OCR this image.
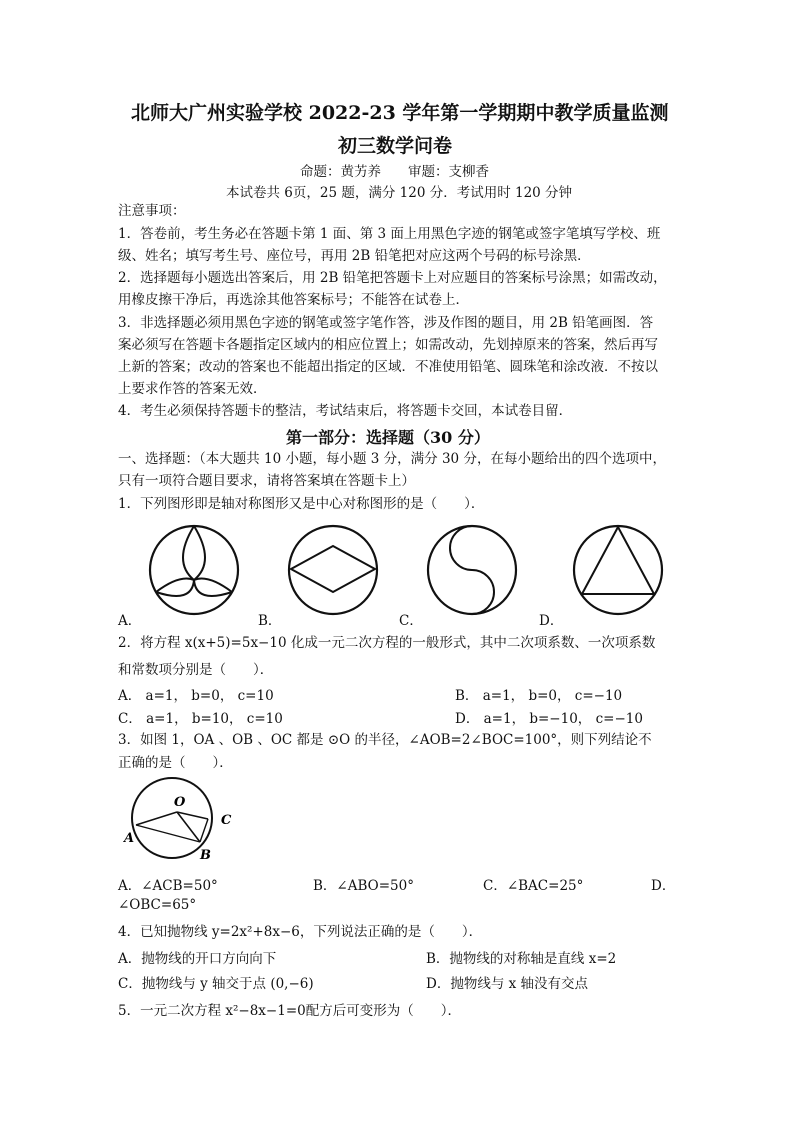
北师大广州实验学校 2022-23 学年第一学期期中教学质量监测
初三数学问卷
命题：黄艻养　　审题：支柳香
本试卷共 6页，25 题，满分 120 分．考试用时 120 分钟
注意事项：
1．答卷前，考生务必在答题卡第 1 面、第 3 面上用黑色字迹的钢笔或签字笔填写学校、班
级、姓名；填写考生号、座位号，再用 2B 铅笔把对应这两个号码的标号涂黑．
2．选择题每小题选出答案后，用 2B 铅笔把答题卡上对应题目的答案标号涂黑；如需改动，
用橡皮擦干净后，再选涂其他答案标号；不能答在试卷上．
3．非选择题必须用黑色字迹的钢笔或签字笔作答，涉及作图的题目，用 2B 铅笔画图．答
案必须写在答题卡各题指定区域内的相应位置上；如需改动，先划掉原来的答案，然后再写
上新的答案；改动的答案也不能超出指定的区域．不准使用铅笔、圆珠笔和涂改液．不按以
上要求作答的答案无效．
4．考生必须保持答题卡的整洁，考试结束后，将答题卡交回，本试卷目留．
第一部分：选择题（30 分）
一、选择题：（本大题共 10 小题，每小题 3 分，满分 30 分，在每小题给出的四个选项中，
只有一项符合题目要求，请将答案填在答题卡上）
1．下列图形即是轴对称图形又是中心对称图形的是（　　）．
A．	B．	C．	D．
2．将方程 x(x+5)=5x−10 化成一元二次方程的一般形式，其中二次项系数、一次项系数
和常数项分别是（　　）．
A． a=1， b=0， c=10	B． a=1， b=0， c=−10
C． a=1， b=10， c=10	D． a=1， b=−10， c=−10
3．如图 1，OA 、OB 、OC 都是 ⊙O 的半径，∠AOB=2∠BOC=100°，则下列结论不
正确的是（　　）．
O
A
B
C
A．∠ACB=50°	B．∠ABO=50°	C．∠BAC=25°	D．
∠OBC=65°
4．已知抛物线 y=2x²+8x−6，下列说法正确的是（　　）．
A．抛物线的开口方向向下	B．抛物线的对称轴是直线 x=2
C．抛物线与 y 轴交于点 (0,−6)	D．抛物线与 x 轴没有交点
5．一元二次方程 x²−8x−1=0配方后可变形为（　　）．
